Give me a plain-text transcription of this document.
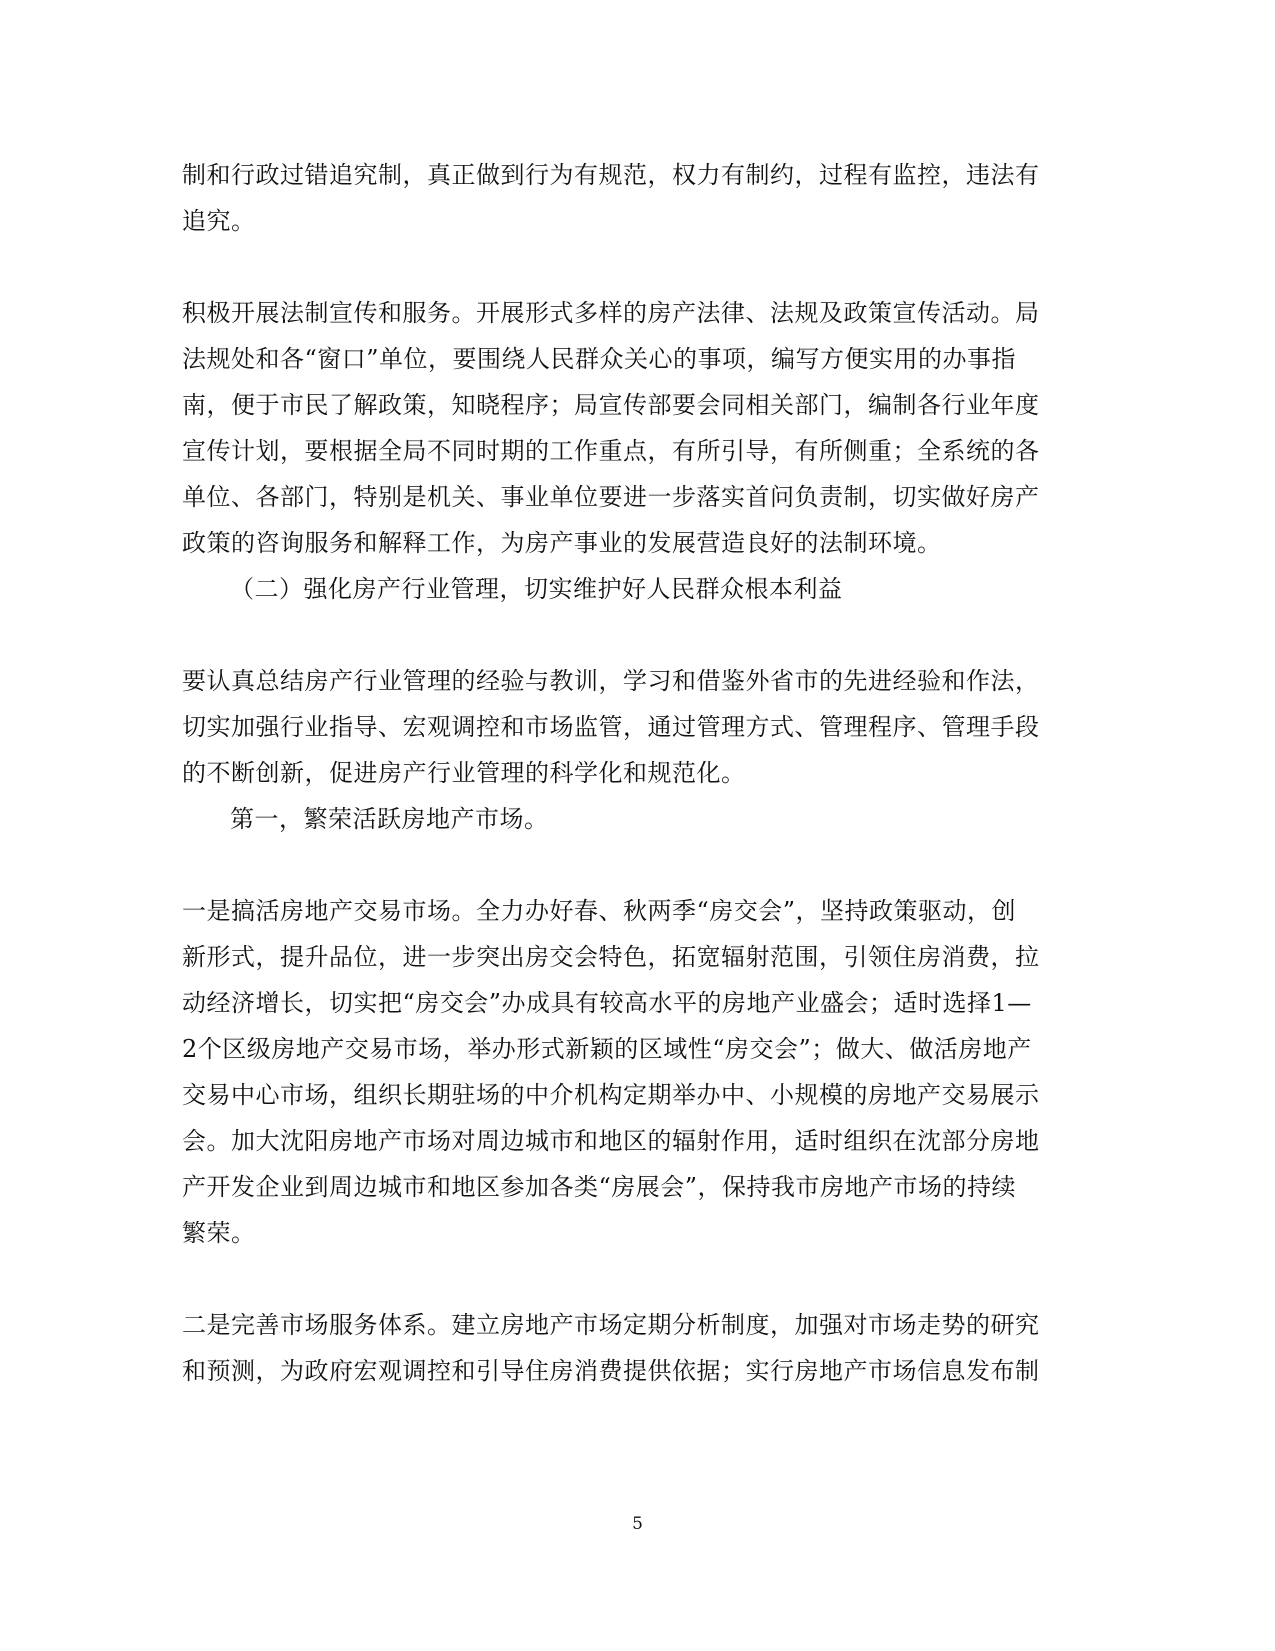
制和行政过错追究制，真正做到行为有规范，权力有制约，过程有监控，违法有
追究。
积极开展法制宣传和服务。开展形式多样的房产法律、法规及政策宣传活动。局
法规处和各“窗口”单位，要围绕人民群众关心的事项，编写方便实用的办事指
南，便于市民了解政策，知晓程序；局宣传部要会同相关部门，编制各行业年度
宣传计划，要根据全局不同时期的工作重点，有所引导，有所侧重；全系统的各
单位、各部门，特别是机关、事业单位要进一步落实首问负责制，切实做好房产
政策的咨询服务和解释工作，为房产事业的发展营造良好的法制环境。
（二）强化房产行业管理，切实维护好人民群众根本利益
要认真总结房产行业管理的经验与教训，学习和借鉴外省市的先进经验和作法，
切实加强行业指导、宏观调控和市场监管，通过管理方式、管理程序、管理手段
的不断创新，促进房产行业管理的科学化和规范化。
第一，繁荣活跃房地产市场。
一是搞活房地产交易市场。全力办好春、秋两季“房交会”，坚持政策驱动，创
新形式，提升品位，进一步突出房交会特色，拓宽辐射范围，引领住房消费，拉
动经济增长，切实把“房交会”办成具有较高水平的房地产业盛会；适时选择1—
2个区级房地产交易市场，举办形式新颖的区域性“房交会”；做大、做活房地产
交易中心市场，组织长期驻场的中介机构定期举办中、小规模的房地产交易展示
会。加大沈阳房地产市场对周边城市和地区的辐射作用，适时组织在沈部分房地
产开发企业到周边城市和地区参加各类“房展会”，保持我市房地产市场的持续
繁荣。
二是完善市场服务体系。建立房地产市场定期分析制度，加强对市场走势的研究
和预测，为政府宏观调控和引导住房消费提供依据；实行房地产市场信息发布制
5
